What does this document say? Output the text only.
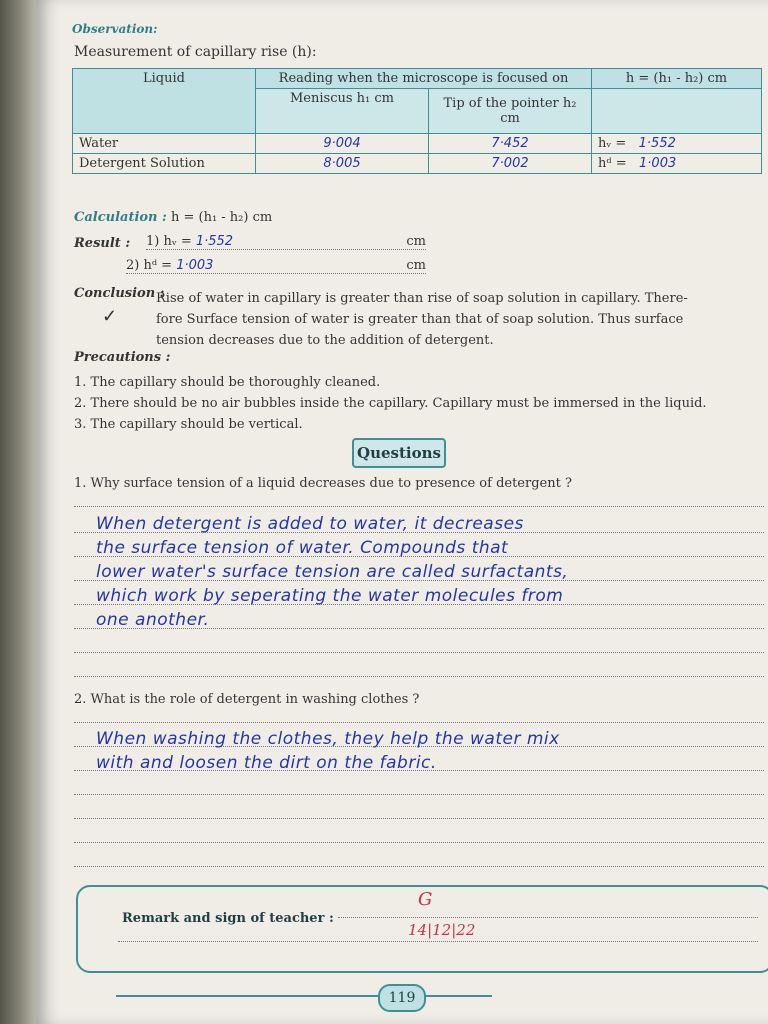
Observation:
Measurement of capillary rise (h):
Liquid	Reading when the microscope is focused on		h = (h₁ - h₂) cm
	Meniscus h₁ cm	Tip of the pointer h₂ cm	
Water	9·004	7·452	hᵥ = 1·552
Detergent Solution	8·005	7·002	hᵈ = 1·003
Calculation : h = (h₁ - h₂) cm
Result : 1) hᵥ = 1·552	cm
2) hᵈ = 1·003	cm
Conclusion :
Rise of water in capillary is greater than rise of soap solution in capillary. There-
fore Surface tension of water is greater than that of soap solution. Thus surface
tension decreases due to the addition of detergent.
✓
Precautions :
1. The capillary should be thoroughly cleaned.
2. There should be no air bubbles inside the capillary. Capillary must be immersed in the liquid.
3. The capillary should be vertical.
Questions
1. Why surface tension of a liquid decreases due to presence of detergent ?
When detergent is added to water, it decreases
the surface tension of water. Compounds that
lower water's surface tension are called surfactants,
which work by seperating the water molecules from
one another.
2. What is the role of detergent in washing clothes ?
When washing the clothes, they help the water mix
with and loosen the dirt on the fabric.
Remark and sign of teacher :
G
14|12|22
119
